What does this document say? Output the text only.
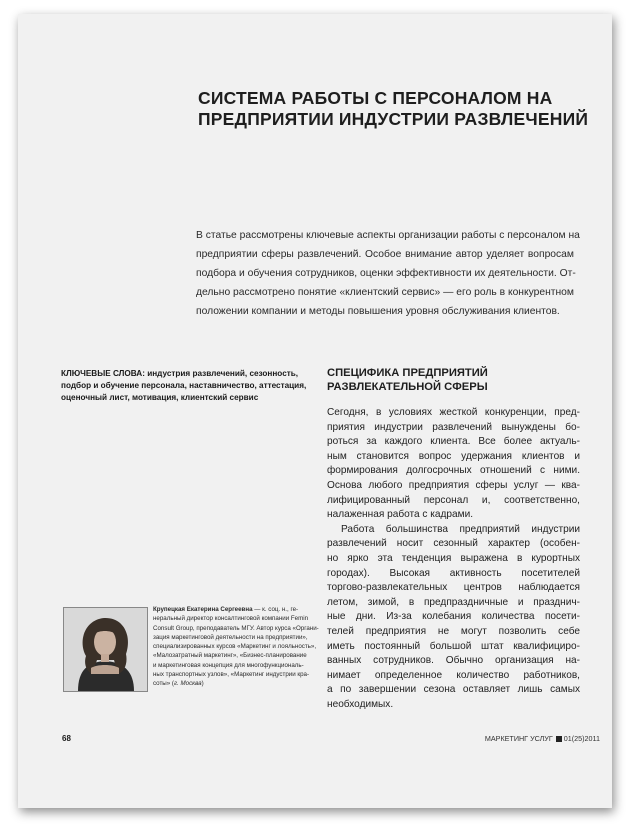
СИСТЕМА РАБОТЫ С ПЕРСОНАЛОМ НА
ПРЕДПРИЯТИИ ИНДУСТРИИ РАЗВЛЕЧЕНИЙ
В статье рассмотрены ключевые аспекты организации работы с персоналом на
предприятии сферы развлечений. Особое внимание автор уделяет вопросам
подбора и обучения сотрудников, оценки эффективности их деятельности. От-
дельно рассмотрено понятие «клиентский сервис» — его роль в конкурентном
положении компании и методы повышения уровня обслуживания клиентов.
КЛЮЧЕВЫЕ СЛОВА: индустрия развлечений, сезонность,
подбор и обучение персонала, наставничество, аттестация,
оценочный лист, мотивация, клиентский сервис
СПЕЦИФИКА ПРЕДПРИЯТИЙ
РАЗВЛЕКАТЕЛЬНОЙ СФЕРЫ
Сегодня, в условиях жесткой конкуренции, пред-
приятия индустрии развлечений вынуждены бо-
роться за каждого клиента. Все более актуаль-
ным становится вопрос удержания клиентов и
формирования долгосрочных отношений с ними.
Основа любого предприятия сферы услуг — ква-
лифицированный персонал и, соответственно,
налаженная работа с кадрами.
Работа большинства предприятий индустрии
развлечений носит сезонный характер (особен-
но ярко эта тенденция выражена в курортных
городах). Высокая активность посетителей
торгово-развлекательных центров наблюдается
летом, зимой, в предпраздничные и празднич-
ные дни. Из-за колебания количества посети-
телей предприятия не могут позволить себе
иметь постоянный большой штат квалифициро-
ванных сотрудников. Обычно организация на-
нимает определенное количество работников,
а по завершении сезона оставляет лишь самых
необходимых.
Крупецкая Екатерина Сергеевна — к. соц. н., ге-
неральный директор консалтинговой компании Femin
Consult Group, преподаватель МГУ. Автор курса «Органи-
зация маркетинговой деятельности на предприятии»,
специализированных курсов «Маркетинг и лояльность»,
«Малозатратный маркетинг», «Бизнес-планирование
и маркетинговая концепция для многофункциональ-
ных транспортных узлов», «Маркетинг индустрии кра-
соты» (г. Москва)
68	МАРКЕТИНГ УСЛУГ 01(25)2011
